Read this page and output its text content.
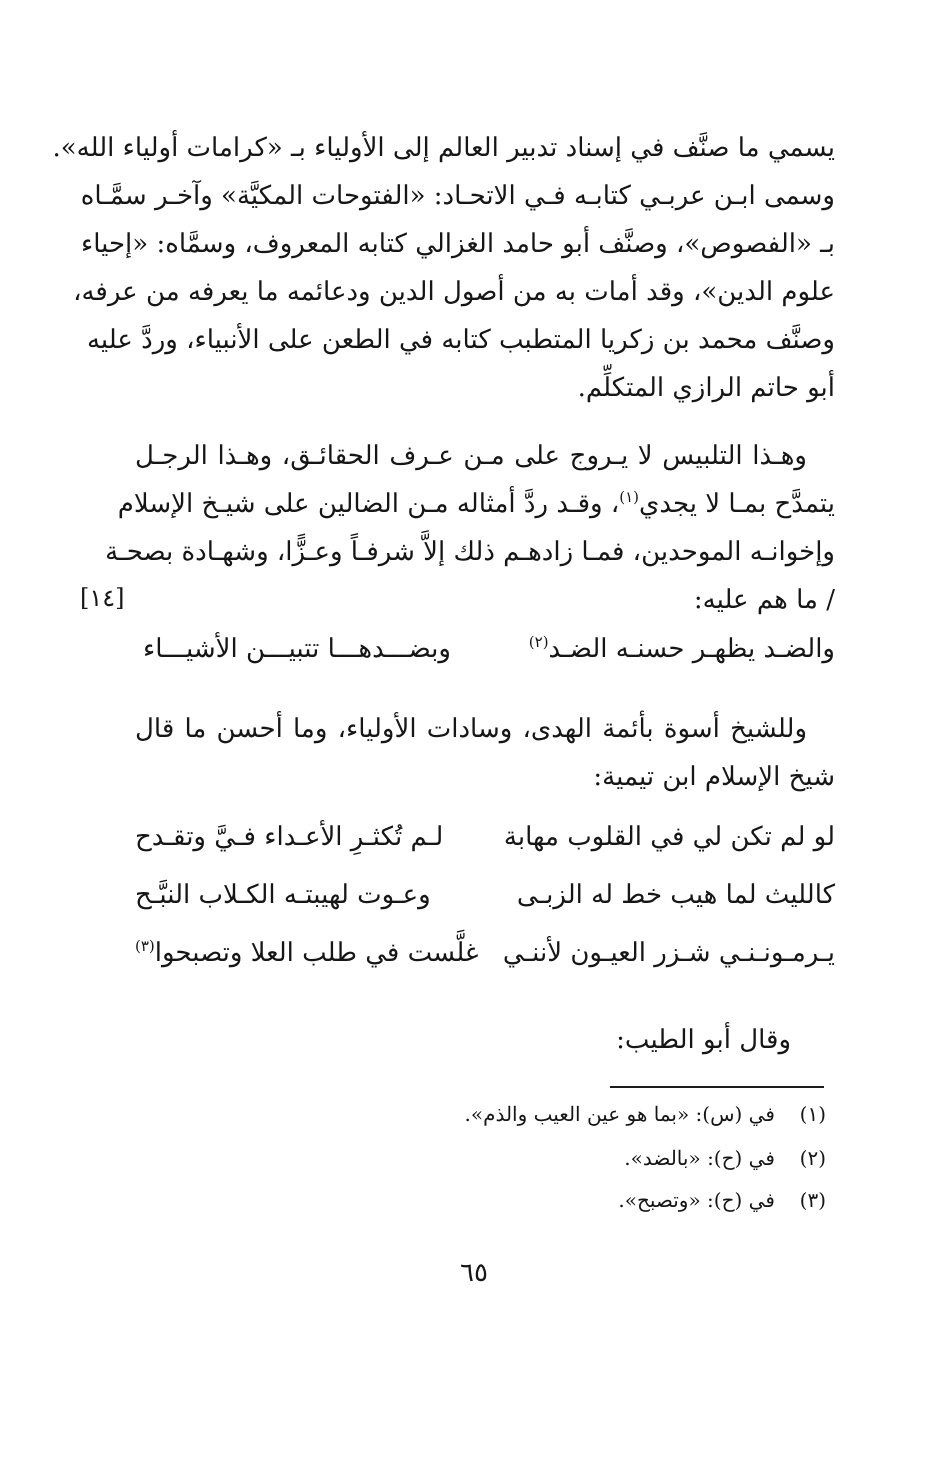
يسمي ما صنَّف في إسناد تدبير العالم إلى الأولياء بـ «كرامات أولياء الله».
وسمى ابـن عربـي كتابـه فـي الاتحـاد: «الفتوحات المكيَّة» وآخـر سمَّـاه
بـ «الفصوص»، وصنَّف أبو حامد الغزالي كتابه المعروف، وسمَّاه: «إحياء
علوم الدين»، وقد أمات به من أصول الدين ودعائمه ما يعرفه من عرفه،
وصنَّف محمد بن زكريا المتطبب كتابه في الطعن على الأنبياء، وردَّ عليه
أبو حاتم الرازي المتكلِّم.
وهـذا التلبيس لا يـروج على مـن عـرف الحقائـق، وهـذا الرجـل
يتمدَّح بمـا لا يجدي$^{(١)}$، وقـد ردَّ أمثاله مـن الضالين على شيـخ الإسلام
وإخوانـه الموحدين، فمـا زادهـم ذلك إلاَّ شرفـاً وعـزًّا، وشهـادة بصحـة
/ ما هم عليه:
[١٤]
والضـد يظهـر حسنـه الضـد$^{(٢)}$
وبضـــدهـــا تتبيـــن الأشيـــاء
وللشيخ أسوة بأئمة الهدى، وسادات الأولياء، وما أحسن ما قال
شيخ الإسلام ابن تيمية:
لو لم تكن لي في القلوب مهابة
لـم تُكثـرِ الأعـداء فـيَّ وتقـدح
كالليث لما هيب خط له الزبـى
وعـوت لهيبتـه الكـلاب النبَّـح
يـرمـونـنـي شـزر العيـون لأننـي
غلَّست في طلب العلا وتصبحوا$^{(٣)}$
وقال أبو الطيب:
(١)  في (س): «بما هو عين العيب والذم».
(٢)  في (ح): «بالضد».
(٣)  في (ح): «وتصبح».
٦٥
